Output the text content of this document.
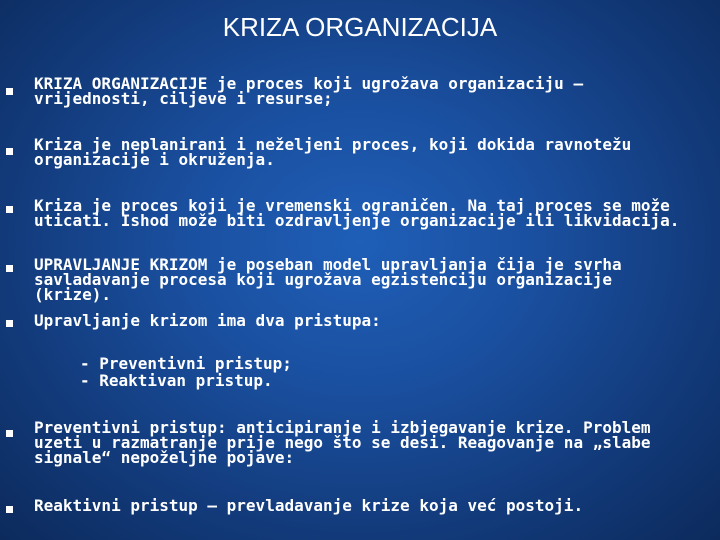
KRIZA ORGANIZACIJA
KRIZA ORGANIZACIJE je proces koji ugrožava organizaciju –
vrijednosti, ciljeve i resurse;
Kriza je neplanirani i neželjeni proces, koji dokida ravnotežu
organizacije i okruženja.
Kriza je proces koji je vremenski ograničen. Na taj proces se može
uticati. Ishod može biti ozdravljenje organizacije ili likvidacija.
UPRAVLJANJE KRIZOM je poseban model upravljanja čija je svrha
savladavanje procesa koji ugrožava egzistenciju organizacije
(krize).
Upravljanje krizom ima dva pristupa:
- Preventivni pristup;
- Reaktivan pristup.
Preventivni pristup: anticipiranje i izbjegavanje krize. Problem
uzeti u razmatranje prije nego što se desi. Reagovanje na „slabe
signale“ nepoželjne pojave:
Reaktivni pristup – prevladavanje krize koja već postoji.
